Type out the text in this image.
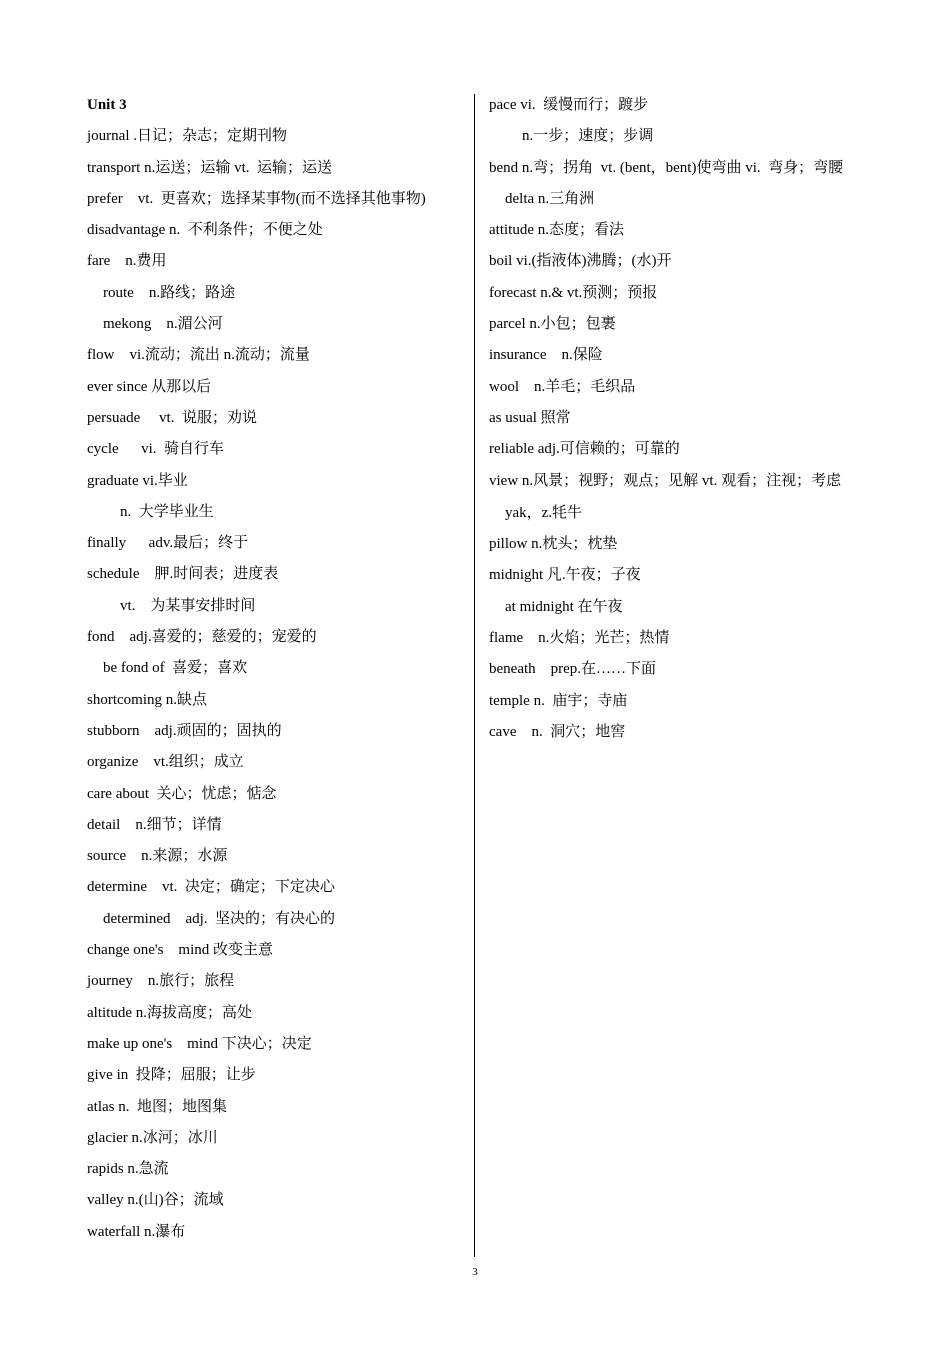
Unit 3
journal .日记；杂志；定期刊物
transport n.运送；运输 vt.  运输；运送
prefer    vt.  更喜欢；选择某事物(而不选择其他事物)
disadvantage n.  不利条件；不便之处
fare    n.费用
route    n.路线；路途
mekong    n.湄公河
flow    vi.流动；流出 n.流动；流量
ever since 从那以后
persuade     vt.  说服；劝说
cycle      vi.  骑自行车
graduate vi.毕业
n.  大学毕业生
finally      adv.最后；终于
schedule    胛.时间表；进度表
vt.    为某事安排时间
fond    adj.喜爱的；慈爱的；宠爱的
be fond of  喜爱；喜欢
shortcoming n.缺点
stubborn    adj.顽固的；固执的
organize    vt.组织；成立
care about  关心；忧虑；惦念
detail    n.细节；详情
source    n.来源；水源
determine    vt.  决定；确定；下定决心
determined    adj.  坚决的；有决心的
change one's    mind 改变主意
journey    n.旅行；旅程
altitude n.海拔高度；高处
make up one's    mind 下决心；决定
give in  投降；屈服；让步
atlas n.  地图；地图集
glacier n.冰河；冰川
rapids n.急流
valley n.(山)谷；流域
waterfall n.瀑布
pace vi.  缓慢而行；踱步
n.一步；速度；步调
bend n.弯；拐角  vt. (bent，bent)使弯曲 vi.  弯身；弯腰
delta n.三角洲
attitude n.态度；看法
boil vi.(指液体)沸腾；(水)开
forecast n.& vt.预测；预报
parcel n.小包；包裹
insurance    n.保险
wool    n.羊毛；毛织品
as usual 照常
reliable adj.可信赖的；可靠的
view n.风景；视野；观点；见解 vt. 观看；注视；考虑
yak，z.牦牛
pillow n.枕头；枕垫
midnight 凡.午夜；子夜
at midnight 在午夜
flame    n.火焰；光芒；热情
beneath    prep.在……下面
temple n.  庙宇；寺庙
cave    n.  洞穴；地窖
3
